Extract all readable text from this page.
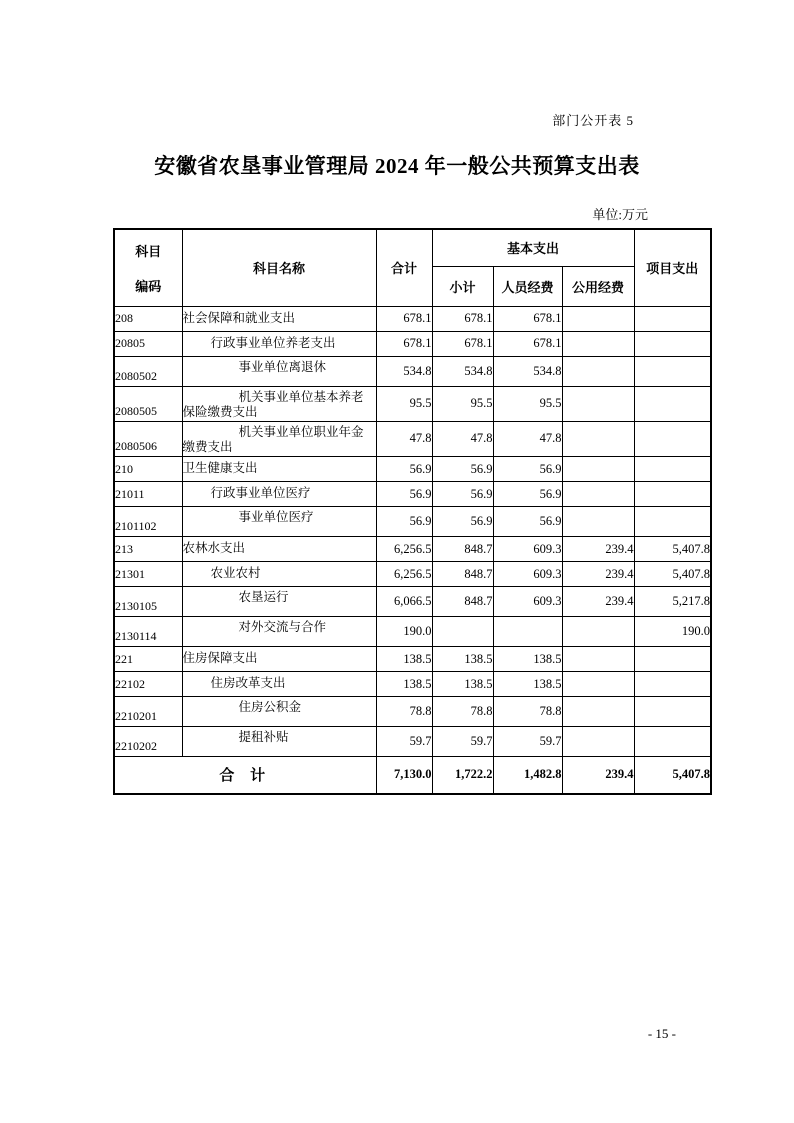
部门公开表 5
安徽省农垦事业管理局 2024 年一般公共预算支出表
单位:万元
科目
编码	科目名称	合计	基本支出			项目支出
			小计	人员经费	公用经费	
208	社会保障和就业支出	678.1	678.1	678.1		
20805	行政事业单位养老支出	678.1	678.1	678.1		
2080502	事业单位离退休	534.8	534.8	534.8		
2080505	机关事业单位基本养老保险缴费支出	95.5	95.5	95.5		
2080506	机关事业单位职业年金缴费支出	47.8	47.8	47.8		
210	卫生健康支出	56.9	56.9	56.9		
21011	行政事业单位医疗	56.9	56.9	56.9		
2101102	事业单位医疗	56.9	56.9	56.9		
213	农林水支出	6,256.5	848.7	609.3	239.4	5,407.8
21301	农业农村	6,256.5	848.7	609.3	239.4	5,407.8
2130105	农垦运行	6,066.5	848.7	609.3	239.4	5,217.8
2130114	对外交流与合作	190.0				190.0
221	住房保障支出	138.5	138.5	138.5		
22102	住房改革支出	138.5	138.5	138.5		
2210201	住房公积金	78.8	78.8	78.8		
2210202	提租补贴	59.7	59.7	59.7		
合 计		7,130.0	1,722.2	1,482.8	239.4	5,407.8
- 15 -
